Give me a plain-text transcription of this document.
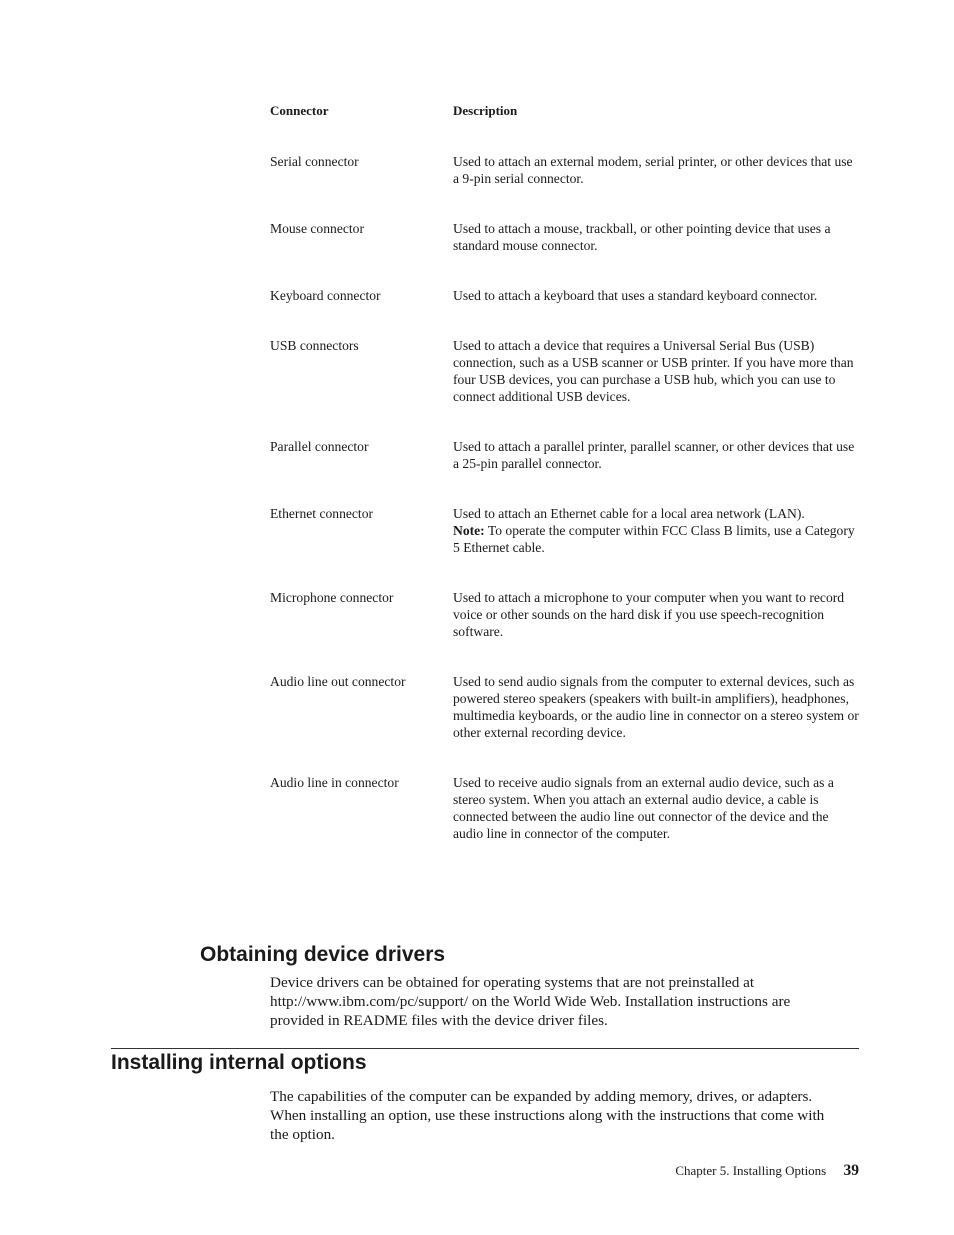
Connector	Description
Serial connector	Used to attach an external modem, serial printer, or other devices that use a 9-pin serial connector.
Mouse connector	Used to attach a mouse, trackball, or other pointing device that uses a standard mouse connector.
Keyboard connector	Used to attach a keyboard that uses a standard keyboard connector.
USB connectors	Used to attach a device that requires a Universal Serial Bus (USB) connection, such as a USB scanner or USB printer. If you have more than four USB devices, you can purchase a USB hub, which you can use to connect additional USB devices.
Parallel connector	Used to attach a parallel printer, parallel scanner, or other devices that use a 25-pin parallel connector.
Ethernet connector	Used to attach an Ethernet cable for a local area network (LAN).
Note: To operate the computer within FCC Class B limits, use a Category 5 Ethernet cable.
Microphone connector	Used to attach a microphone to your computer when you want to record voice or other sounds on the hard disk if you use speech-recognition software.
Audio line out connector	Used to send audio signals from the computer to external devices, such as powered stereo speakers (speakers with built-in amplifiers), headphones, multimedia keyboards, or the audio line in connector on a stereo system or other external recording device.
Audio line in connector	Used to receive audio signals from an external audio device, such as a stereo system. When you attach an external audio device, a cable is connected between the audio line out connector of the device and the audio line in connector of the computer.
Obtaining device drivers

Device drivers can be obtained for operating systems that are not preinstalled at http://www.ibm.com/pc/support/ on the World Wide Web. Installation instructions are provided in README files with the device driver files.

Installing internal options

The capabilities of the computer can be expanded by adding memory, drives, or adapters. When installing an option, use these instructions along with the instructions that come with the option.

Chapter 5. Installing Options 39
